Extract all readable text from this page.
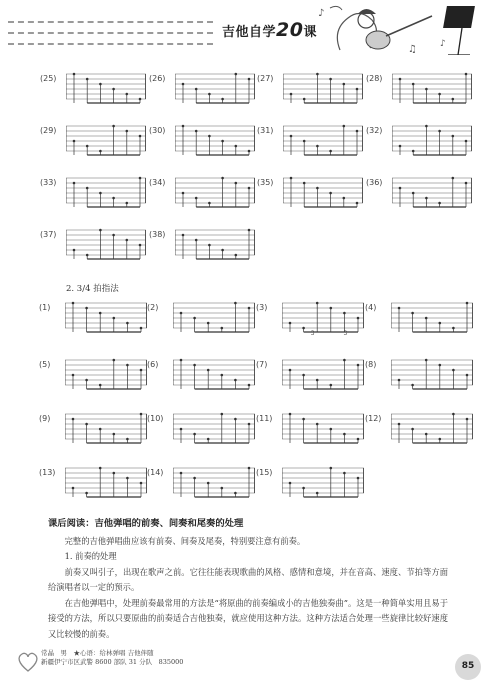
吉他自学20课
♪
♫	♪
(25)	(26)	(27)	(28)
(29)	(30)	(31)	(32)
(33)	(34)	(35)	(36)
(37)	(38)
2. 3/4 拍指法
(1)	(2)	(3)
3	3
(4)
(5)	(6)	(7)	(8)
(9)	(10)	(11)	(12)
(13)	(14)	(15)
课后阅读：吉他弹唱的前奏、间奏和尾奏的处理

完整的吉他弹唱曲应该有前奏、间奏及尾奏，特别要注意有前奏。

1. 前奏的处理

前奏又叫引子，出现在歌声之前。它往往能表现歌曲的风格、感情和意境，并在音高、速度、节拍等方面给演唱者以一定的预示。

在吉他弹唱中，处理前奏最常用的方法是“将原曲的前奏编成小的吉他独奏曲”。这是一种简单实用且易于接受的方法，所以只要原曲的前奏适合吉他独奏，就应使用这种方法。这种方法适合处理一些旋律比较好速度又比较慢的前奏。

常晶　男　★心语：给林弹唱 吉他伴随
新疆伊宁市区武警 8600 部队 31 分队　835000	85
